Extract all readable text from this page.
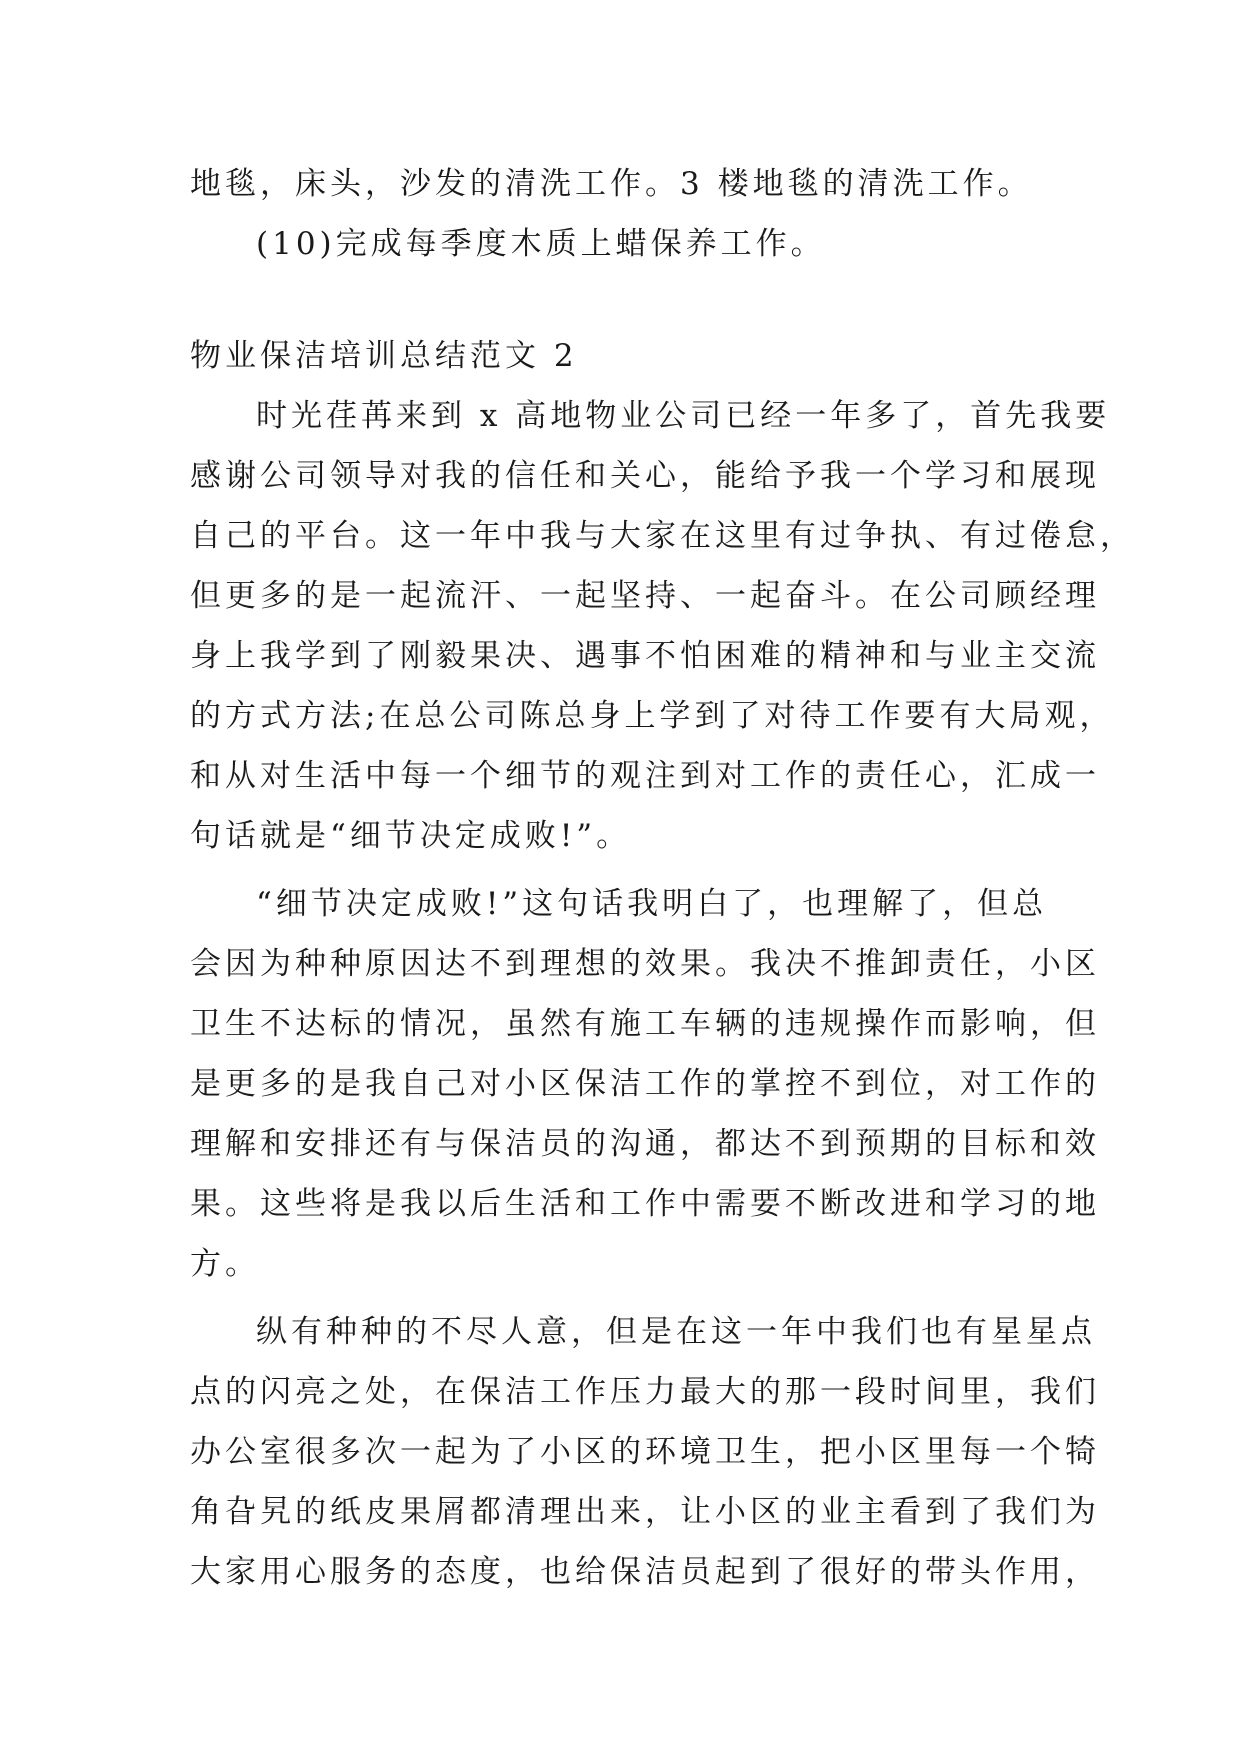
地毯，床头，沙发的清洗工作。3 楼地毯的清洗工作。

(10)完成每季度木质上蜡保养工作。

物业保洁培训总结范文 2

时光荏苒来到 x 高地物业公司已经一年多了，首先我要

感谢公司领导对我的信任和关心，能给予我一个学习和展现

自己的平台。这一年中我与大家在这里有过争执、有过倦怠，

但更多的是一起流汗、一起坚持、一起奋斗。在公司顾经理

身上我学到了刚毅果决、遇事不怕困难的精神和与业主交流

的方式方法;在总公司陈总身上学到了对待工作要有大局观，

和从对生活中每一个细节的观注到对工作的责任心，汇成一

句话就是“细节决定成败!”。

“细节决定成败!”这句话我明白了，也理解了，但总

会因为种种原因达不到理想的效果。我决不推卸责任，小区

卫生不达标的情况，虽然有施工车辆的违规操作而影响，但

是更多的是我自己对小区保洁工作的掌控不到位，对工作的

理解和安排还有与保洁员的沟通，都达不到预期的目标和效

果。这些将是我以后生活和工作中需要不断改进和学习的地

方。

纵有种种的不尽人意，但是在这一年中我们也有星星点

点的闪亮之处，在保洁工作压力最大的那一段时间里，我们

办公室很多次一起为了小区的环境卫生，把小区里每一个犄

角旮旯的纸皮果屑都清理出来，让小区的业主看到了我们为

大家用心服务的态度，也给保洁员起到了很好的带头作用，
